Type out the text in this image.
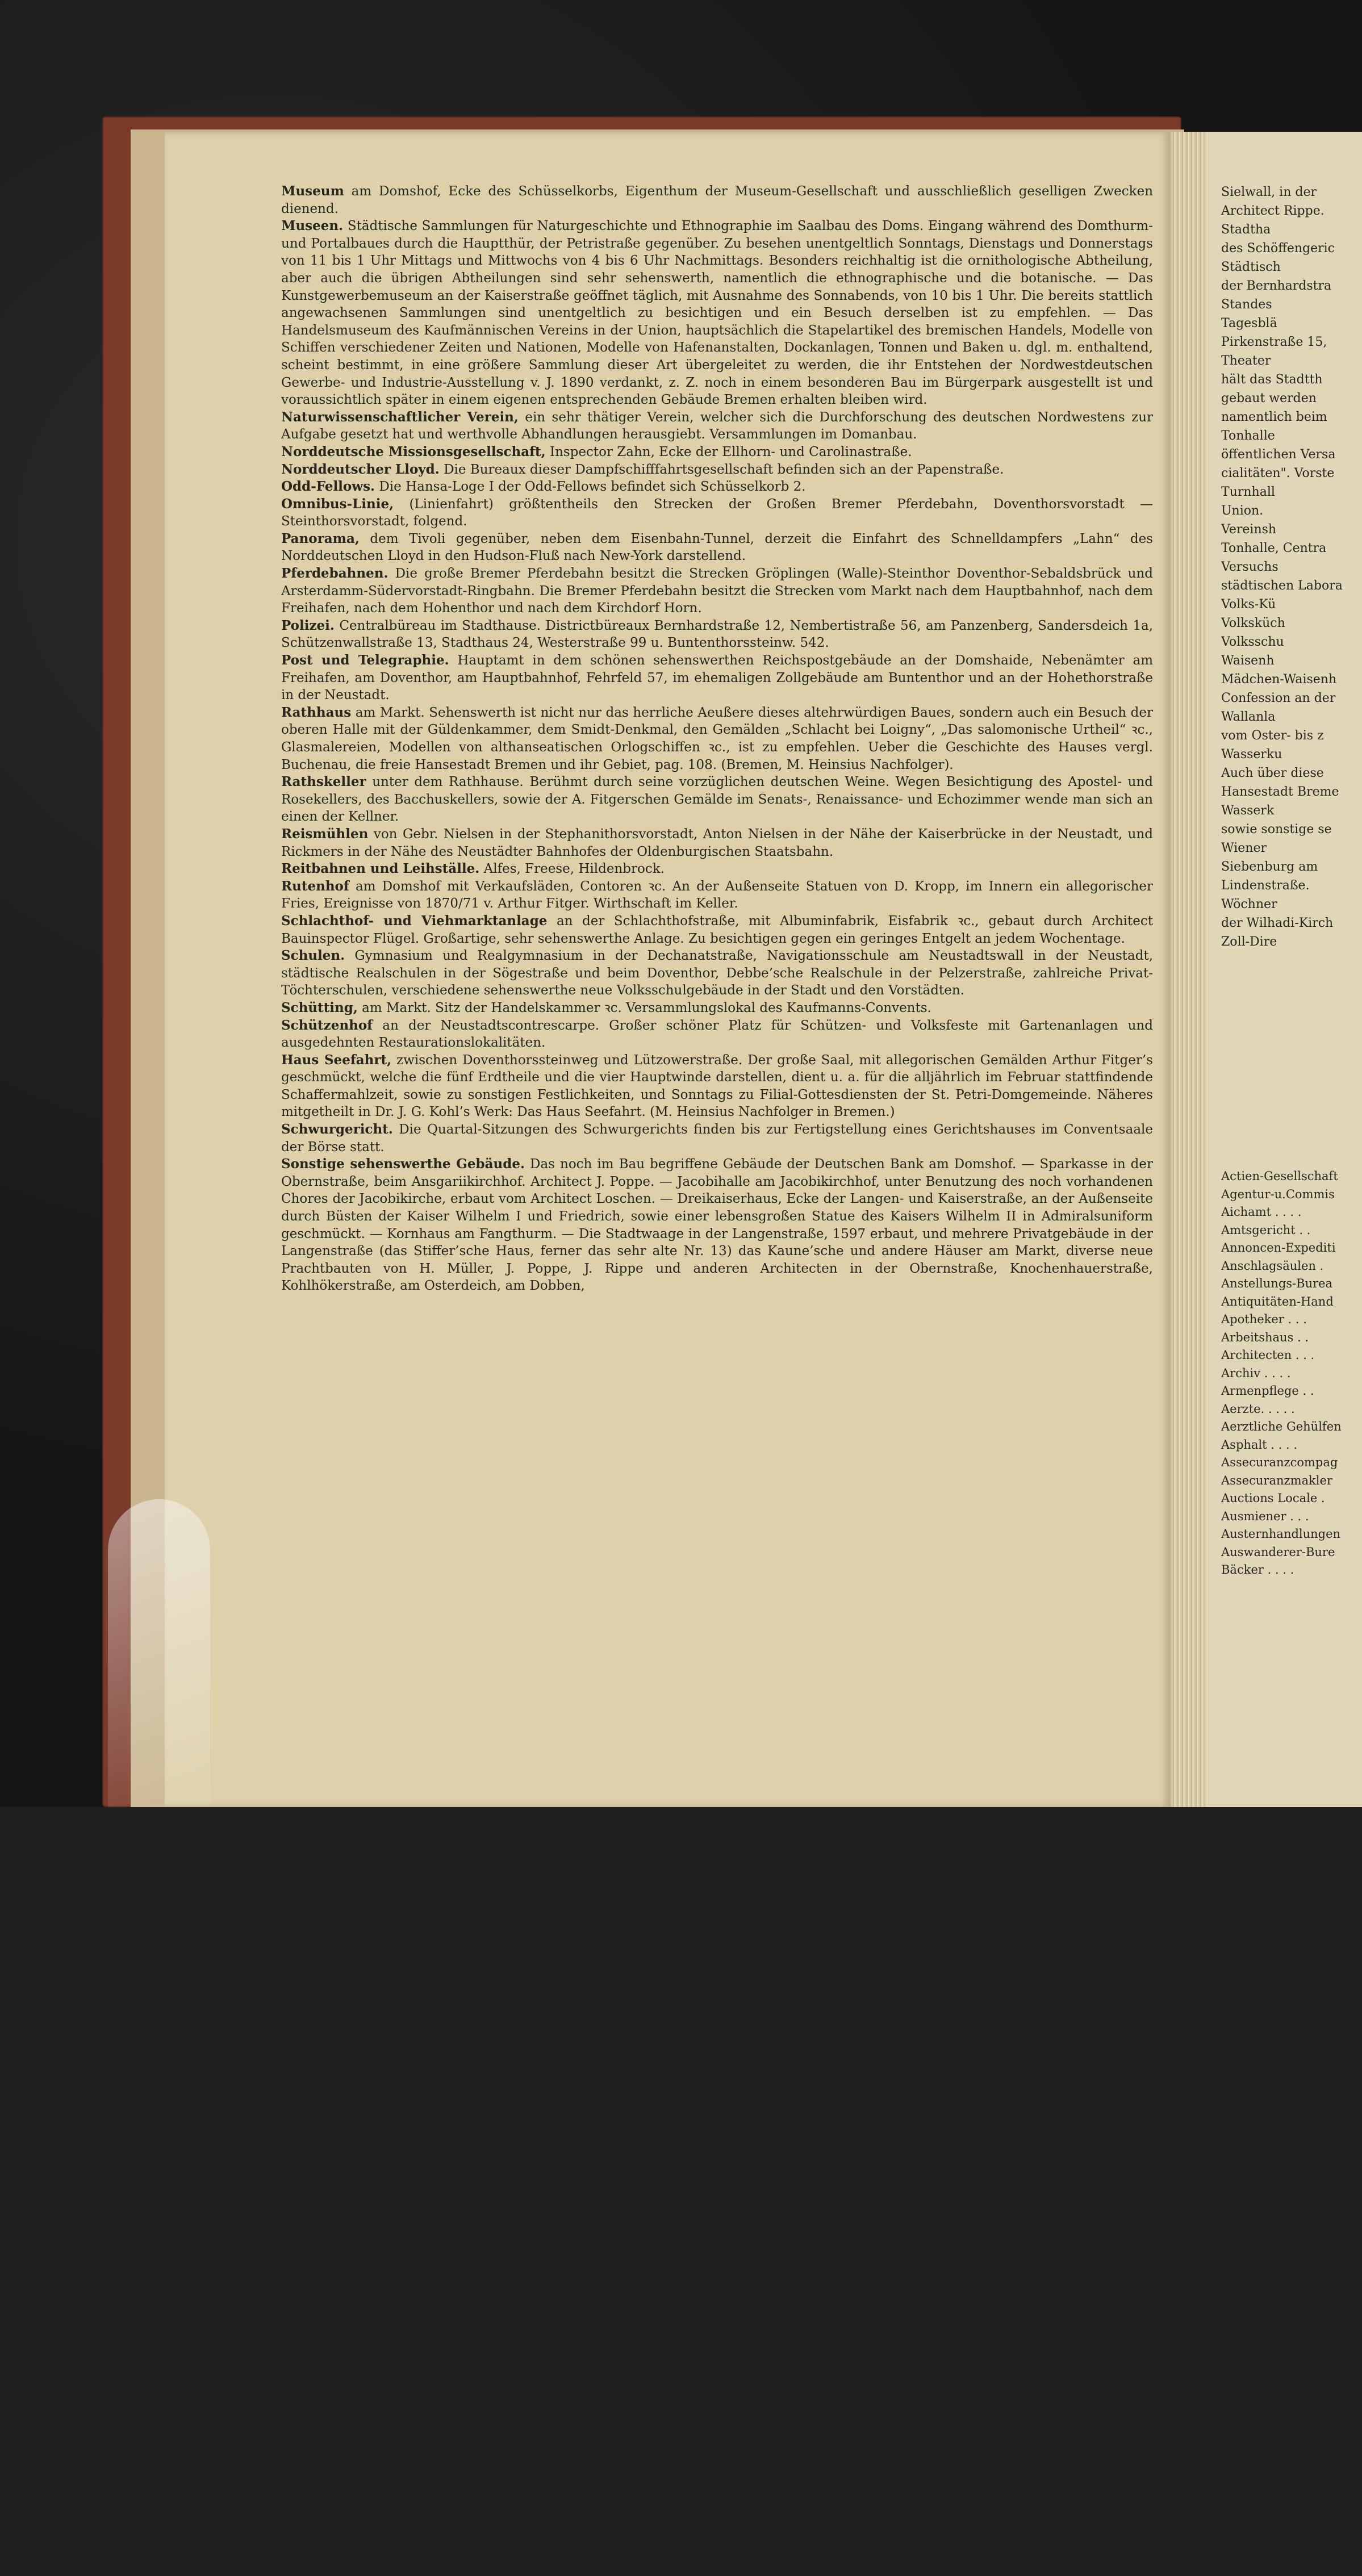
Museum am Domshof, Ecke des Schüsselkorbs, Eigenthum der Museum-Gesellschaft und ausschließlich geselligen Zwecken dienend.

Museen. Städtische Sammlungen für Naturgeschichte und Ethnographie im Saalbau des Doms. Eingang während des Domthurm- und Portalbaues durch die Hauptthür, der Petristraße gegenüber. Zu besehen unentgeltlich Sonntags, Dienstags und Donnerstags von 11 bis 1 Uhr Mittags und Mittwochs von 4 bis 6 Uhr Nachmittags. Besonders reichhaltig ist die ornithologische Abtheilung, aber auch die übrigen Abtheilungen sind sehr sehenswerth, namentlich die ethnographische und die botanische. — Das Kunstgewerbemuseum an der Kaiserstraße geöffnet täglich, mit Ausnahme des Sonnabends, von 10 bis 1 Uhr. Die bereits stattlich angewachsenen Sammlungen sind unentgeltlich zu besichtigen und ein Besuch derselben ist zu empfehlen. — Das Handelsmuseum des Kaufmännischen Vereins in der Union, hauptsächlich die Stapelartikel des bremischen Handels, Modelle von Schiffen verschiedener Zeiten und Nationen, Modelle von Hafenanstalten, Dockanlagen, Tonnen und Baken u. dgl. m. enthaltend, scheint bestimmt, in eine größere Sammlung dieser Art übergeleitet zu werden, die ihr Entstehen der Nordwestdeutschen Gewerbe- und Industrie-Ausstellung v. J. 1890 verdankt, z. Z. noch in einem besonderen Bau im Bürgerpark ausgestellt ist und voraussichtlich später in einem eigenen entsprechenden Gebäude Bremen erhalten bleiben wird.

Naturwissenschaftlicher Verein, ein sehr thätiger Verein, welcher sich die Durchforschung des deutschen Nordwestens zur Aufgabe gesetzt hat und werthvolle Abhandlungen herausgiebt. Versammlungen im Domanbau.

Norddeutsche Missionsgesellschaft, Inspector Zahn, Ecke der Ellhorn- und Carolinastraße.

Norddeutscher Lloyd. Die Bureaux dieser Dampfschifffahrtsgesellschaft befinden sich an der Papenstraße.

Odd-Fellows. Die Hansa-Loge I der Odd-Fellows befindet sich Schüsselkorb 2.

Omnibus-Linie, (Linienfahrt) größtentheils den Strecken der Großen Bremer Pferdebahn, Doventhorsvorstadt — Steinthorsvorstadt, folgend.

Panorama, dem Tivoli gegenüber, neben dem Eisenbahn-Tunnel, derzeit die Einfahrt des Schnelldampfers „Lahn“ des Norddeutschen Lloyd in den Hudson-Fluß nach New-York darstellend.

Pferdebahnen. Die große Bremer Pferdebahn besitzt die Strecken Gröplingen (Walle)-Steinthor Doventhor-Sebaldsbrück und Arsterdamm-Südervorstadt-Ringbahn. Die Bremer Pferdebahn besitzt die Strecken vom Markt nach dem Hauptbahnhof, nach dem Freihafen, nach dem Hohenthor und nach dem Kirchdorf Horn.

Polizei. Centralbüreau im Stadthause. Districtbüreaux Bernhardstraße 12, Nembertistraße 56, am Panzenberg, Sandersdeich 1a, Schützenwallstraße 13, Stadthaus 24, Westerstraße 99 u. Buntenthorssteinw. 542.

Post und Telegraphie. Hauptamt in dem schönen sehenswerthen Reichspostgebäude an der Domshaide, Nebenämter am Freihafen, am Doventhor, am Hauptbahnhof, Fehrfeld 57, im ehemaligen Zollgebäude am Buntenthor und an der Hohethorstraße in der Neustadt.

Rathhaus am Markt. Sehenswerth ist nicht nur das herrliche Aeußere dieses altehrwürdigen Baues, sondern auch ein Besuch der oberen Halle mit der Güldenkammer, dem Smidt-Denkmal, den Gemälden „Schlacht bei Loigny“, „Das salomonische Urtheil“ ꝛc., Glasmalereien, Modellen von althanseatischen Orlogschiffen ꝛc., ist zu empfehlen. Ueber die Geschichte des Hauses vergl. Buchenau, die freie Hansestadt Bremen und ihr Gebiet, pag. 108. (Bremen, M. Heinsius Nachfolger).

Rathskeller unter dem Rathhause. Berühmt durch seine vorzüglichen deutschen Weine. Wegen Besichtigung des Apostel- und Rosekellers, des Bacchuskellers, sowie der A. Fitgerschen Gemälde im Senats-, Renaissance- und Echozimmer wende man sich an einen der Kellner.

Reismühlen von Gebr. Nielsen in der Stephanithorsvorstadt, Anton Nielsen in der Nähe der Kaiserbrücke in der Neustadt, und Rickmers in der Nähe des Neustädter Bahnhofes der Oldenburgischen Staatsbahn.

Reitbahnen und Leihställe. Alfes, Freese, Hildenbrock.

Rutenhof am Domshof mit Verkaufsläden, Contoren ꝛc. An der Außenseite Statuen von D. Kropp, im Innern ein allegorischer Fries, Ereignisse von 1870/71 v. Arthur Fitger. Wirthschaft im Keller.

Schlachthof- und Viehmarktanlage an der Schlachthofstraße, mit Albuminfabrik, Eisfabrik ꝛc., gebaut durch Architect Bauinspector Flügel. Großartige, sehr sehenswerthe Anlage. Zu besichtigen gegen ein geringes Entgelt an jedem Wochentage.

Schulen. Gymnasium und Realgymnasium in der Dechanatstraße, Navigationsschule am Neustadtswall in der Neustadt, städtische Realschulen in der Sögestraße und beim Doventhor, Debbe’sche Realschule in der Pelzerstraße, zahlreiche Privat-Töchterschulen, verschiedene sehenswerthe neue Volksschulgebäude in der Stadt und den Vorstädten.

Schütting, am Markt. Sitz der Handelskammer ꝛc. Versammlungslokal des Kaufmanns-Convents.

Schützenhof an der Neustadtscontrescarpe. Großer schöner Platz für Schützen- und Volksfeste mit Gartenanlagen und ausgedehnten Restaurationslokalitäten.

Haus Seefahrt, zwischen Doventhorssteinweg und Lützowerstraße. Der große Saal, mit allegorischen Gemälden Arthur Fitger’s geschmückt, welche die fünf Erdtheile und die vier Hauptwinde darstellen, dient u. a. für die alljährlich im Februar stattfindende Schaffermahlzeit, sowie zu sonstigen Festlichkeiten, und Sonntags zu Filial-Gottesdiensten der St. Petri-Domgemeinde. Näheres mitgetheilt in Dr. J. G. Kohl’s Werk: Das Haus Seefahrt. (M. Heinsius Nachfolger in Bremen.)

Schwurgericht. Die Quartal-Sitzungen des Schwurgerichts finden bis zur Fertigstellung eines Gerichtshauses im Conventsaale der Börse statt.

Sonstige sehenswerthe Gebäude. Das noch im Bau begriffene Gebäude der Deutschen Bank am Domshof. — Sparkasse in der Obernstraße, beim Ansgariikirchhof. Architect J. Poppe. — Jacobihalle am Jacobikirchhof, unter Benutzung des noch vorhandenen Chores der Jacobikirche, erbaut vom Architect Loschen. — Dreikaiserhaus, Ecke der Langen- und Kaiserstraße, an der Außenseite durch Büsten der Kaiser Wilhelm I und Friedrich, sowie einer lebensgroßen Statue des Kaisers Wilhelm II in Admiralsuniform geschmückt. — Kornhaus am Fangthurm. — Die Stadtwaage in der Langenstraße, 1597 erbaut, und mehrere Privatgebäude in der Langenstraße (das Stiffer’sche Haus, ferner das sehr alte Nr. 13) das Kaune’sche und andere Häuser am Markt, diverse neue Prachtbauten von H. Müller, J. Poppe, J. Rippe und anderen Architecten in der Obernstraße, Knochenhauerstraße, Kohlhökerstraße, am Osterdeich, am Dobben,

Sielwall, in der
Architect Rippe.
Stadtha
des Schöffengeric
Städtisch
der Bernhardstra
Standes
Tagesblä
Pirkenstraße 15,
Theater
hält das Stadtth
gebaut werden
namentlich beim
Tonhalle
öffentlichen Versa
cialitäten". Vorste
Turnhall
Union.
Vereinsh
Tonhalle, Centra
Versuchs
städtischen Labora
Volks-Kü
Volksküch
Volksschu
Waisenh
Mädchen-Waisenh
Confession an der
Wallanla
vom Oster- bis z
Wasserku
Auch über diese
Hansestadt Breme
Wasserk
sowie sonstige se
Wiener
Siebenburg am
Lindenstraße.
Wöchner
der Wilhadi-Kirch
Zoll-Dire
Actien-Gesellschaft
Agentur-u.Commis
Aichamt . . . .
Amtsgericht . .
Annoncen-Expediti
Anschlagsäulen .
Anstellungs-Burea
Antiquitäten-Hand
Apotheker . . .
Arbeitshaus . .
Architecten . . .
Archiv . . . .
Armenpflege . .
Aerzte. . . . .
Aerztliche Gehülfen
Asphalt . . . .
Assecuranzcompag
Assecuranzmakler
Auctions Locale .
Ausmiener . . .
Austernhandlungen
Auswanderer-Bure
Bäcker . . . .
